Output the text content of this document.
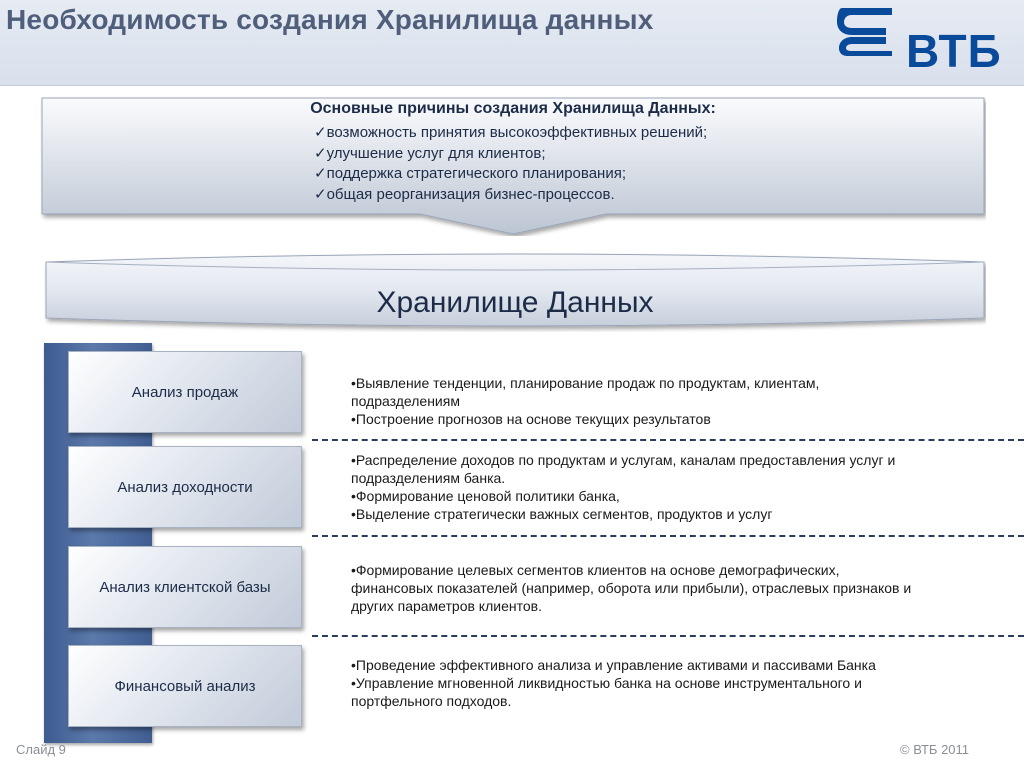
Необходимость создания Хранилища данных
ВТБ
Основные причины создания Хранилища Данных:
✓возможность принятия высокоэффективных решений;
✓улучшение услуг для клиентов;
✓поддержка стратегического планирования;
✓общая реорганизация бизнес-процессов.
Хранилище Данных
Анализ продаж
Анализ доходности
Анализ клиентской базы
Финансовый анализ

•Выявление тенденции, планирование продаж по продуктам, клиентам,

подразделениям

•Построение прогнозов на основе текущих результатов

•Распределение доходов по продуктам и услугам, каналам предоставления услуг и

подразделениям банка.

•Формирование ценовой политики банка,

•Выделение стратегически важных сегментов, продуктов и услуг

•Формирование целевых сегментов клиентов на основе демографических,

финансовых показателей (например, оборота или прибыли), отраслевых признаков и

других параметров клиентов.

•Проведение эффективного анализа и управление активами и пассивами Банка

•Управление мгновенной ликвидностью банка на основе инструментального и

портфельного подходов.

Слайд 9	© ВТБ 2011
